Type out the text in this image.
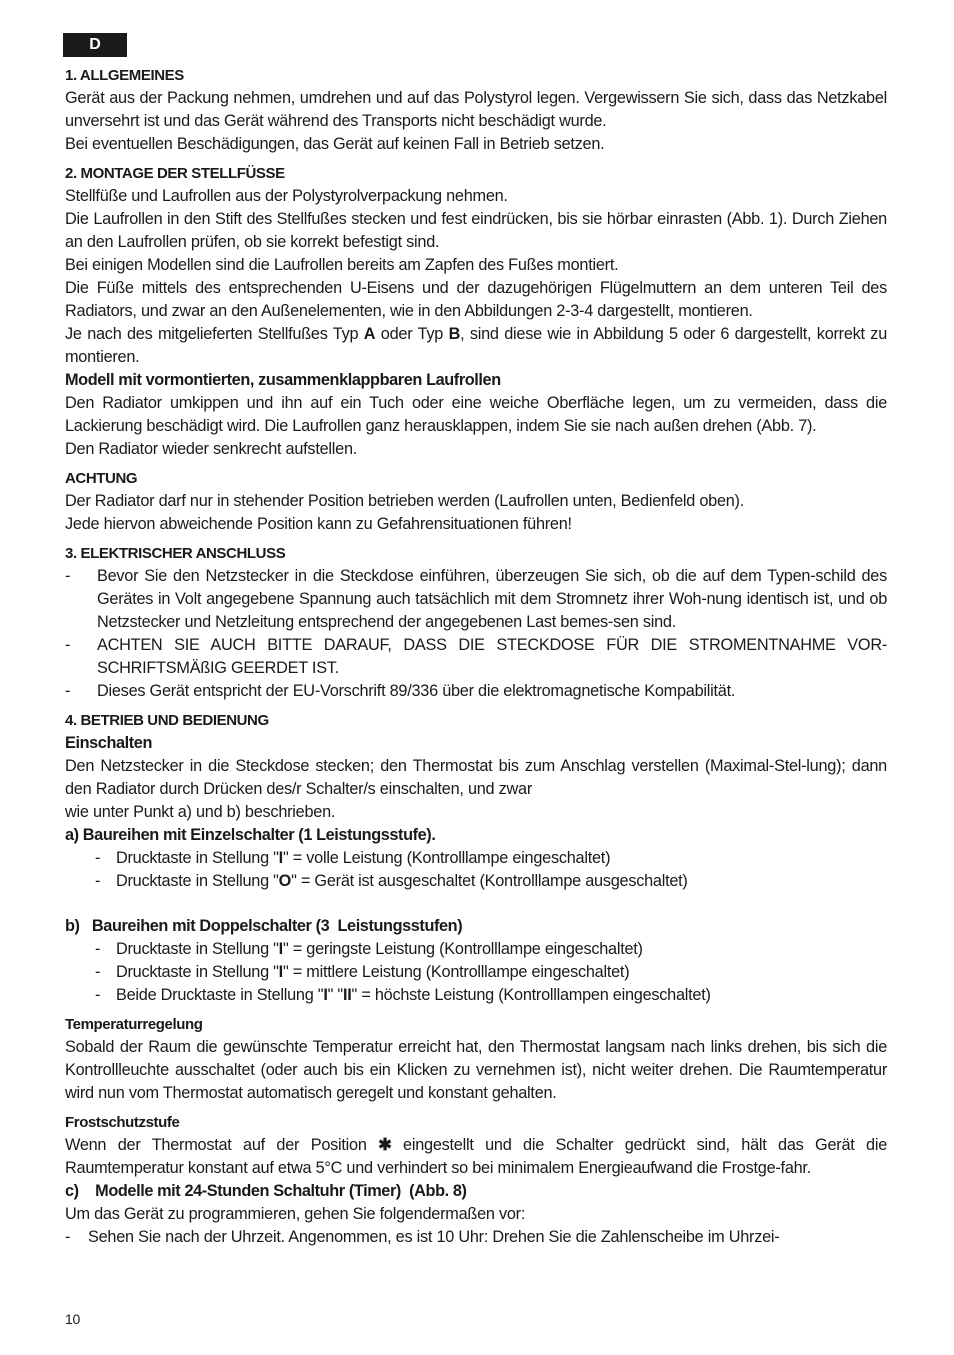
D
1. ALLGEMEINES

Gerät aus der Packung nehmen, umdrehen und auf das Polystyrol legen. Vergewissern Sie sich, dass das Netzkabel unversehrt ist und das Gerät während des Transports nicht beschädigt wurde.

Bei eventuellen Beschädigungen, das Gerät auf keinen Fall in Betrieb setzen.

2. MONTAGE DER STELLFÜSSE

Stellfüße und Laufrollen aus der Polystyrolverpackung nehmen.

Die Laufrollen in den Stift des Stellfußes stecken und fest eindrücken, bis sie hörbar einrasten (Abb. 1). Durch Ziehen an den Laufrollen prüfen, ob sie korrekt befestigt sind.

Bei einigen Modellen sind die Laufrollen bereits am Zapfen des Fußes montiert.

Die Füße mittels des entsprechenden U-Eisens und der dazugehörigen Flügelmuttern an dem unteren Teil des Radiators, und zwar an den Außenelementen, wie in den Abbildungen 2-3-4 dargestellt, montieren.

Je nach des mitgelieferten Stellfußes Typ A oder Typ B, sind diese wie in Abbildung 5 oder 6 dargestellt, korrekt zu montieren.

Modell mit vormontierten, zusammenklappbaren Laufrollen

Den Radiator umkippen und ihn auf ein Tuch oder eine weiche Oberfläche legen, um zu vermeiden, dass die Lackierung beschädigt wird. Die Laufrollen ganz herausklappen, indem Sie sie nach außen drehen (Abb. 7).

Den Radiator wieder senkrecht aufstellen.

ACHTUNG

Der Radiator darf nur in stehender Position betrieben werden (Laufrollen unten, Bedienfeld oben).

Jede hiervon abweichende Position kann zu Gefahrensituationen führen!

3. ELEKTRISCHER ANSCHLUSS
-	Bevor Sie den Netzstecker in die Steckdose einführen, überzeugen Sie sich, ob die auf dem Typen-schild des Gerätes in Volt angegebene Spannung auch tatsächlich mit dem Stromnetz ihrer Woh-nung identisch ist, und ob Netzstecker und Netzleitung entsprechend der angegebenen Last bemes-sen sind.
-	ACHTEN SIE AUCH BITTE DARAUF, DASS DIE STECKDOSE FÜR DIE STROMENTNAHME VOR-SCHRIFTSMÄßIG GEERDET IST.
-	Dieses Gerät entspricht der EU-Vorschrift 89/336 über die elektromagnetische Kompabilität.
4. BETRIEB UND BEDIENUNG

Einschalten

Den Netzstecker in die Steckdose stecken; den Thermostat bis zum Anschlag verstellen (Maximal-Stel-lung); dann den Radiator durch Drücken des/r Schalter/s einschalten, und zwar

wie unter Punkt a) und b) beschrieben.

a) Baureihen mit Einzelschalter (1 Leistungsstufe).

- Drucktaste in Stellung "I" = volle Leistung (Kontrolllampe eingeschaltet)
- Drucktaste in Stellung "O" = Gerät ist ausgeschaltet (Kontrolllampe ausgeschaltet)

b)   Baureihen mit Doppelschalter (3  Leistungsstufen)

- Drucktaste in Stellung "I" = geringste Leistung (Kontrolllampe eingeschaltet)
- Drucktaste in Stellung "I" = mittlere Leistung (Kontrolllampe eingeschaltet)
- Beide Drucktaste in Stellung "I" "II" = höchste Leistung (Kontrolllampen eingeschaltet)
Temperaturregelung

Sobald der Raum die gewünschte Temperatur erreicht hat, den Thermostat langsam nach links drehen, bis sich die Kontrollleuchte ausschaltet (oder auch bis ein Klicken zu vernehmen ist), nicht weiter drehen. Die Raumtemperatur wird nun vom Thermostat automatisch geregelt und konstant gehalten.

Frostschutzstufe

Wenn der Thermostat auf der Position ✱ eingestellt und die Schalter gedrückt sind, hält das Gerät die Raumtemperatur konstant auf etwa 5°C und verhindert so bei minimalem Energieaufwand die Frostge-fahr.

c)    Modelle mit 24-Stunden Schaltuhr (Timer)  (Abb. 8)

Um das Gerät zu programmieren, gehen Sie folgendermaßen vor:

-	Sehen Sie nach der Uhrzeit. Angenommen, es ist 10 Uhr: Drehen Sie die Zahlenscheibe im Uhrzei-
10
